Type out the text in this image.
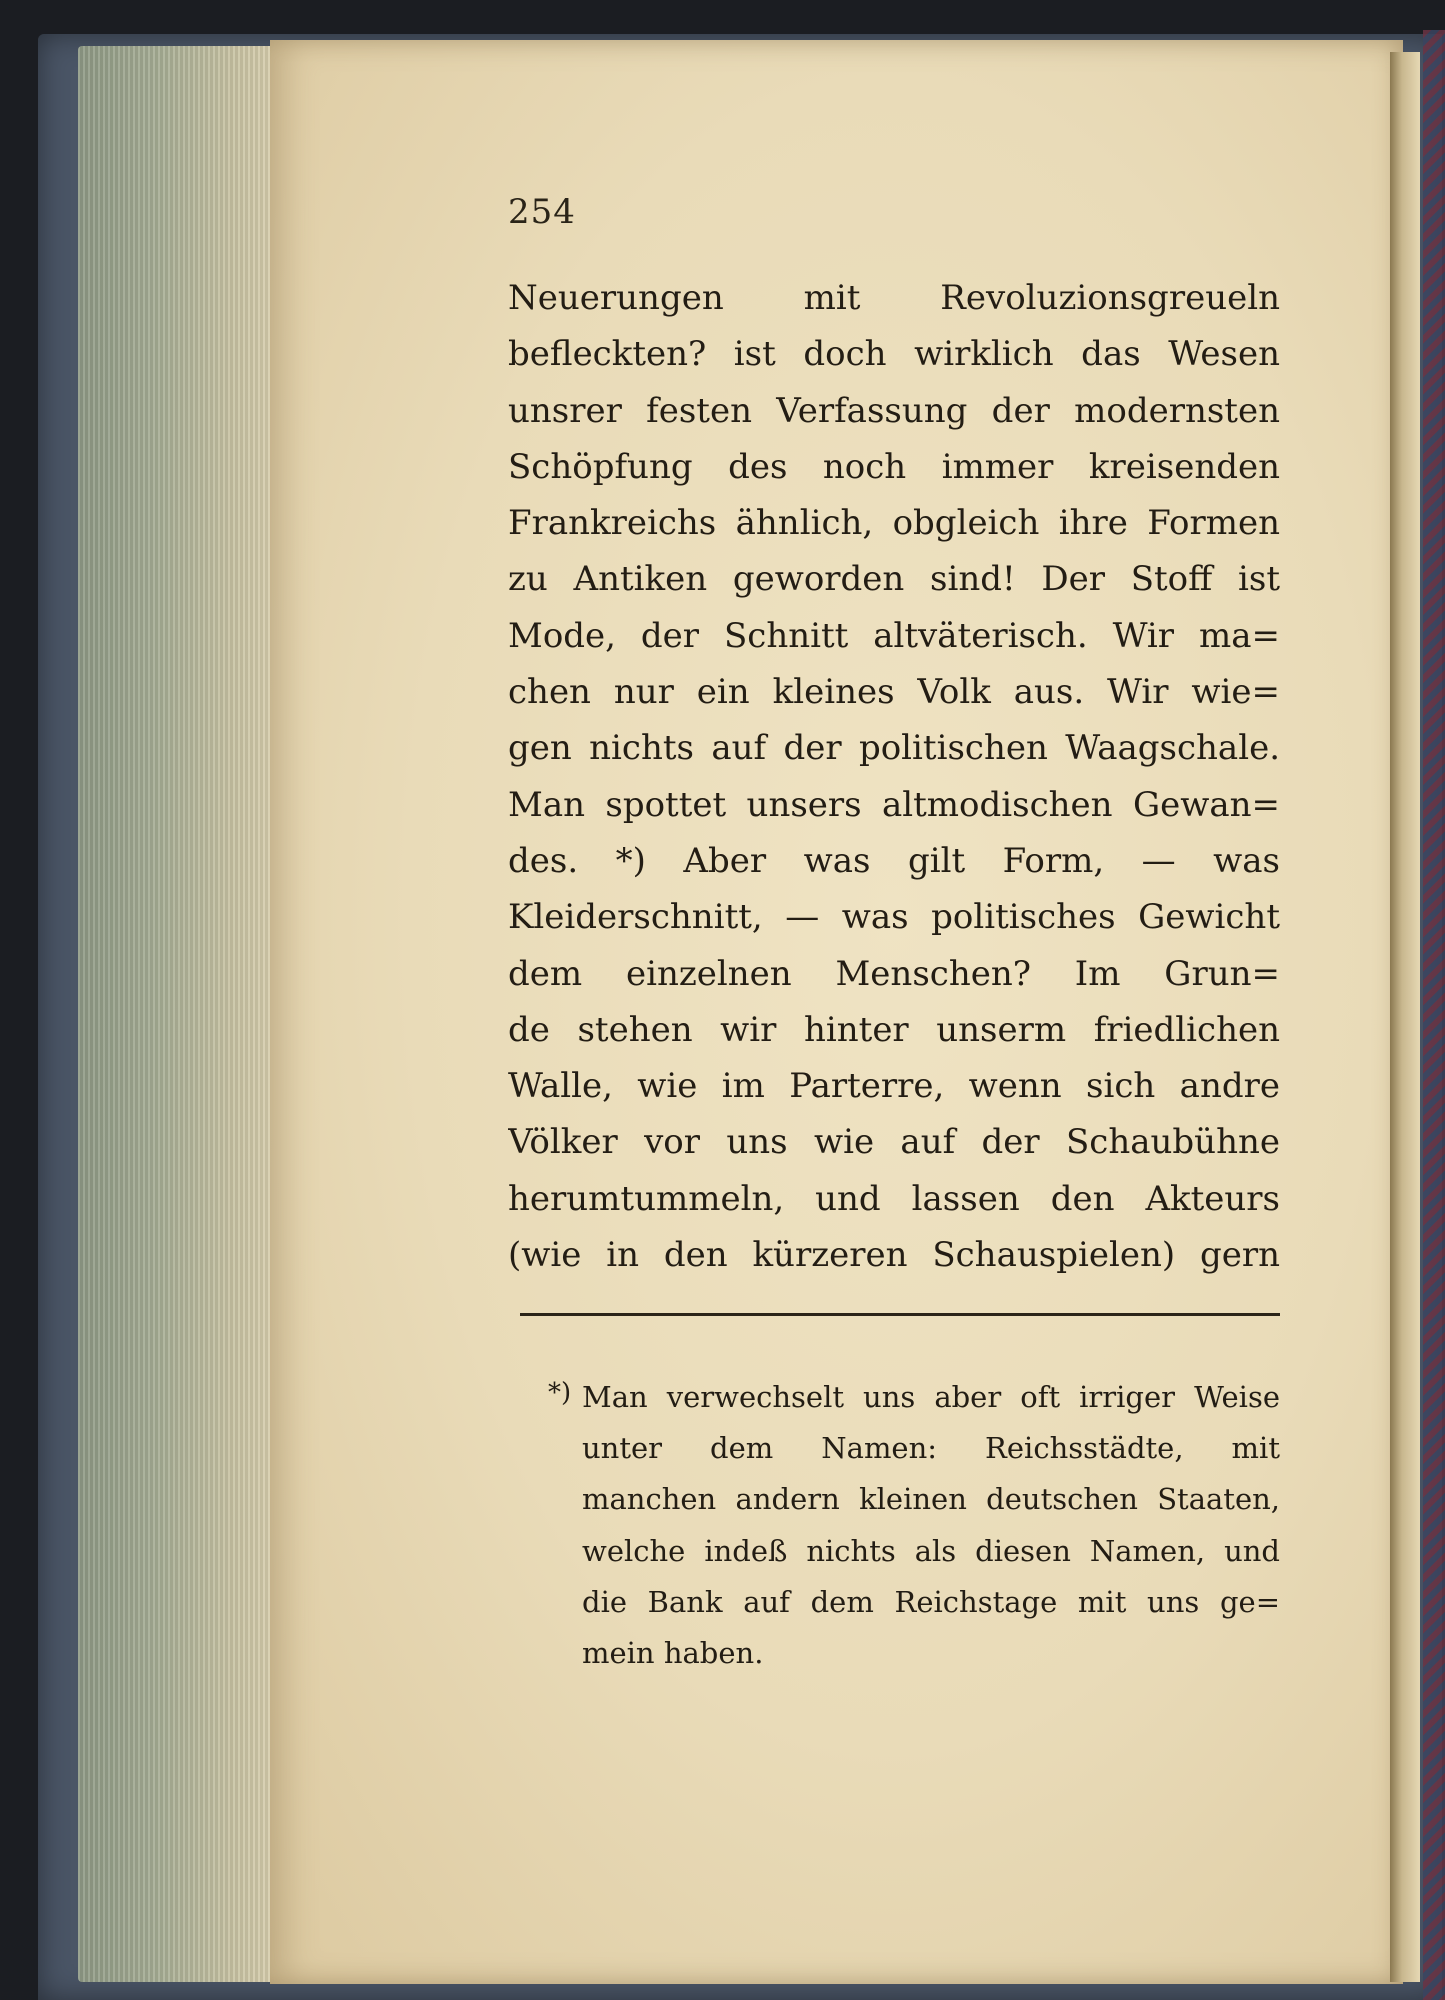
254
Neuerungen mit Revoluzionsgreueln
befleckten? ist doch wirklich das Wesen
unsrer festen Verfassung der modernsten
Schöpfung des noch immer kreisenden
Frankreichs ähnlich, obgleich ihre Formen
zu Antiken geworden sind! Der Stoff ist
Mode, der Schnitt altväterisch. Wir ma=
chen nur ein kleines Volk aus. Wir wie=
gen nichts auf der politischen Waagschale.
Man spottet unsers altmodischen Gewan=
des. *) Aber was gilt Form, — was
Kleiderschnitt, — was politisches Gewicht
dem einzelnen Menschen? Im Grun=
de stehen wir hinter unserm friedlichen
Walle, wie im Parterre, wenn sich andre
Völker vor uns wie auf der Schaubühne
herumtummeln, und lassen den Akteurs
(wie in den kürzeren Schauspielen) gern
*) Man verwechselt uns aber oft irriger Weise
unter dem Namen: Reichsstädte, mit
manchen andern kleinen deutschen Staaten,
welche indeß nichts als diesen Namen, und
die Bank auf dem Reichstage mit uns ge=
mein haben.
